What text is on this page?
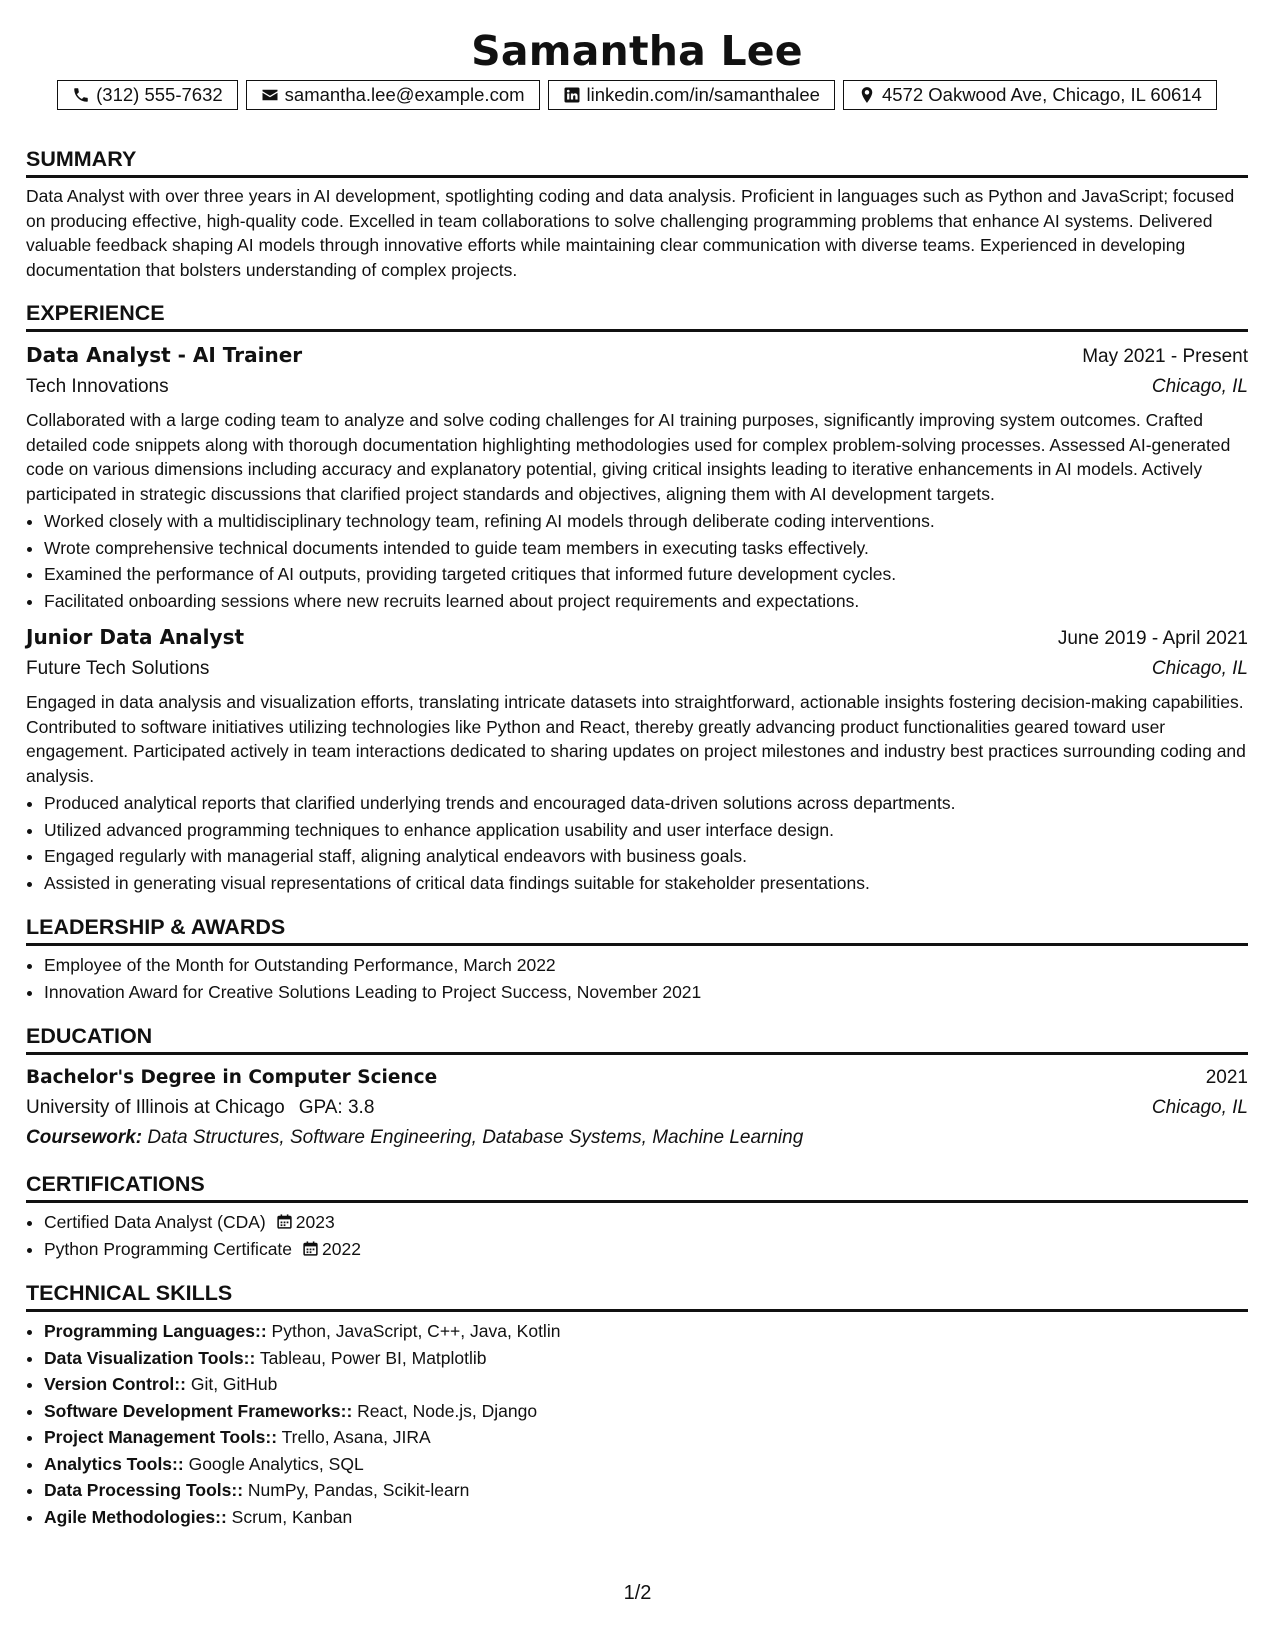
Samantha Lee
(312) 555-7632	samantha.lee@example.com	linkedin.com/in/samanthalee	4572 Oakwood Ave, Chicago, IL 60614
SUMMARY

Data Analyst with over three years in AI development, spotlighting coding and data analysis. Proficient in languages such as Python and JavaScript; focused on producing effective, high-quality code. Excelled in team collaborations to solve challenging programming problems that enhance AI systems. Delivered valuable feedback shaping AI models through innovative efforts while maintaining clear communication with diverse teams. Experienced in developing documentation that bolsters understanding of complex projects.

EXPERIENCE
Data Analyst - AI Trainer	May 2021 - Present
Tech Innovations	Chicago, IL

Collaborated with a large coding team to analyze and solve coding challenges for AI training purposes, significantly improving system outcomes. Crafted detailed code snippets along with thorough documentation highlighting methodologies used for complex problem-solving processes. Assessed AI-generated code on various dimensions including accuracy and explanatory potential, giving critical insights leading to iterative enhancements in AI models. Actively participated in strategic discussions that clarified project standards and objectives, aligning them with AI development targets.

• Worked closely with a multidisciplinary technology team, refining AI models through deliberate coding interventions.
• Wrote comprehensive technical documents intended to guide team members in executing tasks effectively.
• Examined the performance of AI outputs, providing targeted critiques that informed future development cycles.
• Facilitated onboarding sessions where new recruits learned about project requirements and expectations.
Junior Data Analyst	June 2019 - April 2021
Future Tech Solutions	Chicago, IL

Engaged in data analysis and visualization efforts, translating intricate datasets into straightforward, actionable insights fostering decision-making capabilities. Contributed to software initiatives utilizing technologies like Python and React, thereby greatly advancing product functionalities geared toward user engagement. Participated actively in team interactions dedicated to sharing updates on project milestones and industry best practices surrounding coding and analysis.

• Produced analytical reports that clarified underlying trends and encouraged data-driven solutions across departments.
• Utilized advanced programming techniques to enhance application usability and user interface design.
• Engaged regularly with managerial staff, aligning analytical endeavors with business goals.
• Assisted in generating visual representations of critical data findings suitable for stakeholder presentations.
LEADERSHIP & AWARDS
• Employee of the Month for Outstanding Performance, March 2022
• Innovation Award for Creative Solutions Leading to Project Success, November 2021
EDUCATION
Bachelor's Degree in Computer Science	2021
University of Illinois at Chicago GPA: 3.8	Chicago, IL
Coursework: Data Structures, Software Engineering, Database Systems, Machine Learning
CERTIFICATIONS
• Certified Data Analyst (CDA) 2023
• Python Programming Certificate 2022
TECHNICAL SKILLS
• Programming Languages:: Python, JavaScript, C++, Java, Kotlin
• Data Visualization Tools:: Tableau, Power BI, Matplotlib
• Version Control:: Git, GitHub
• Software Development Frameworks:: React, Node.js, Django
• Project Management Tools:: Trello, Asana, JIRA
• Analytics Tools:: Google Analytics, SQL
• Data Processing Tools:: NumPy, Pandas, Scikit-learn
• Agile Methodologies:: Scrum, Kanban
1/2
